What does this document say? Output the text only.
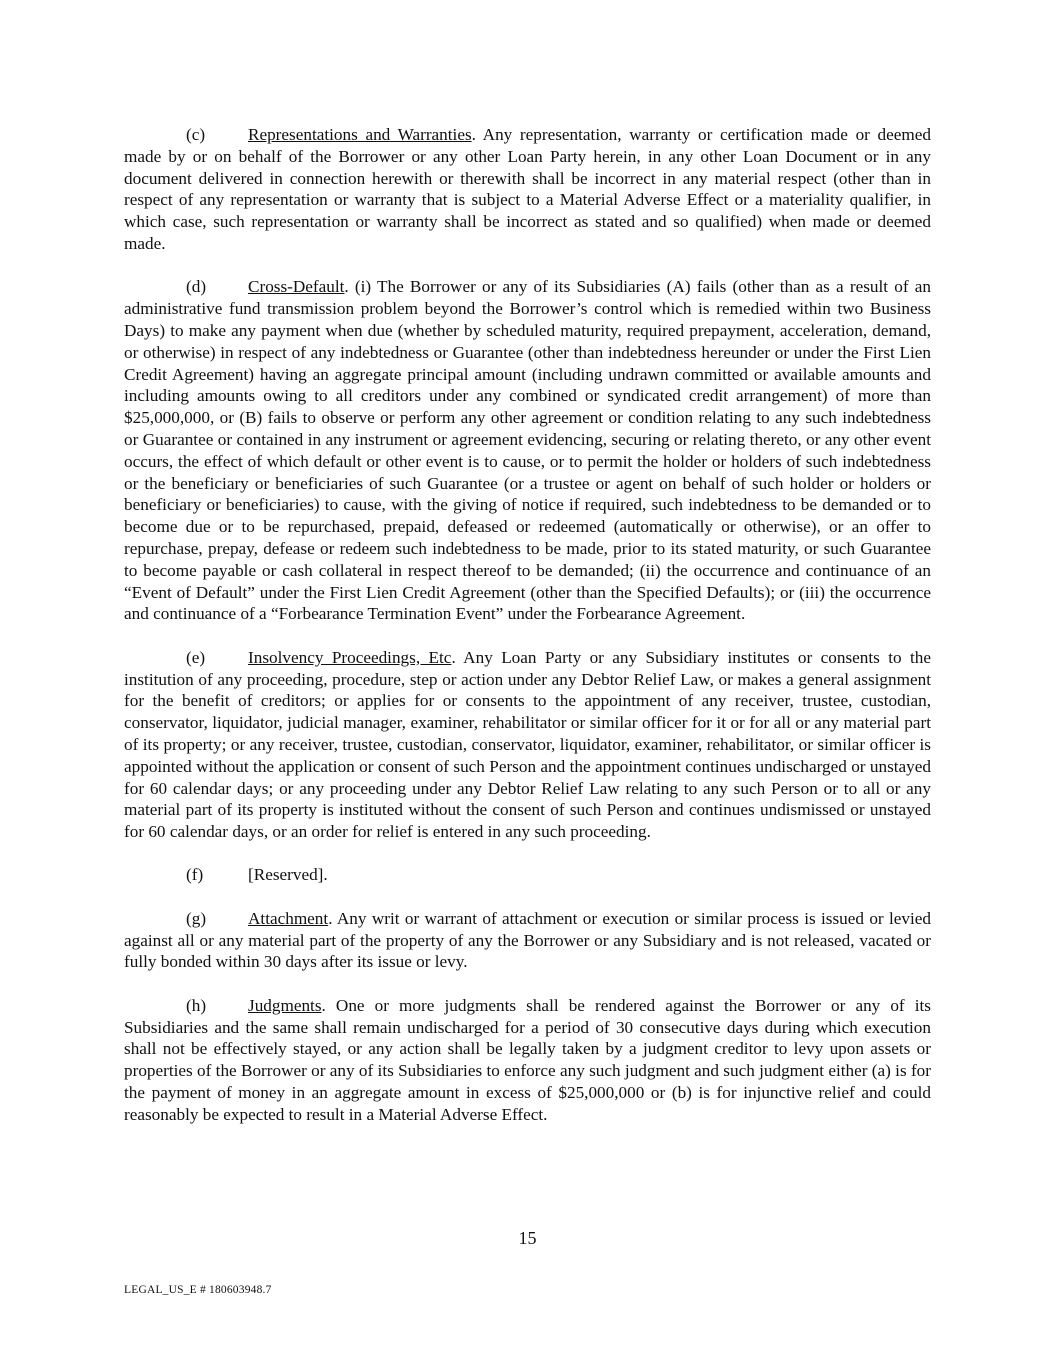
(c) Representations and Warranties. Any representation, warranty or certification made or deemed made by or on behalf of the Borrower or any other Loan Party herein, in any other Loan Document or in any document delivered in connection herewith or therewith shall be incorrect in any material respect (other than in respect of any representation or warranty that is subject to a Material Adverse Effect or a materiality qualifier, in which case, such representation or warranty shall be incorrect as stated and so qualified) when made or deemed made.

(d) Cross-Default. (i) The Borrower or any of its Subsidiaries (A) fails (other than as a result of an administrative fund transmission problem beyond the Borrower’s control which is remedied within two Business Days) to make any payment when due (whether by scheduled maturity, required prepayment, acceleration, demand, or otherwise) in respect of any indebtedness or Guarantee (other than indebtedness hereunder or under the First Lien Credit Agreement) having an aggregate principal amount (including undrawn committed or available amounts and including amounts owing to all creditors under any combined or syndicated credit arrangement) of more than $25,000,000, or (B) fails to observe or perform any other agreement or condition relating to any such indebtedness or Guarantee or contained in any instrument or agreement evidencing, securing or relating thereto, or any other event occurs, the effect of which default or other event is to cause, or to permit the holder or holders of such indebtedness or the beneficiary or beneficiaries of such Guarantee (or a trustee or agent on behalf of such holder or holders or beneficiary or beneficiaries) to cause, with the giving of notice if required, such indebtedness to be demanded or to become due or to be repurchased, prepaid, defeased or redeemed (automatically or otherwise), or an offer to repurchase, prepay, defease or redeem such indebtedness to be made, prior to its stated maturity, or such Guarantee to become payable or cash collateral in respect thereof to be demanded; (ii) the occurrence and continuance of an “Event of Default” under the First Lien Credit Agreement (other than the Specified Defaults); or (iii) the occurrence and continuance of a “Forbearance Termination Event” under the Forbearance Agreement.

(e) Insolvency Proceedings, Etc. Any Loan Party or any Subsidiary institutes or consents to the institution of any proceeding, procedure, step or action under any Debtor Relief Law, or makes a general assignment for the benefit of creditors; or applies for or consents to the appointment of any receiver, trustee, custodian, conservator, liquidator, judicial manager, examiner, rehabilitator or similar officer for it or for all or any material part of its property; or any receiver, trustee, custodian, conservator, liquidator, examiner, rehabilitator, or similar officer is appointed without the application or consent of such Person and the appointment continues undischarged or unstayed for 60 calendar days; or any proceeding under any Debtor Relief Law relating to any such Person or to all or any material part of its property is instituted without the consent of such Person and continues undismissed or unstayed for 60 calendar days, or an order for relief is entered in any such proceeding.

(f)	[Reserved].

(g) Attachment. Any writ or warrant of attachment or execution or similar process is issued or levied against all or any material part of the property of any the Borrower or any Subsidiary and is not released, vacated or fully bonded within 30 days after its issue or levy.

(h) Judgments. One or more judgments shall be rendered against the Borrower or any of its Subsidiaries and the same shall remain undischarged for a period of 30 consecutive days during which execution shall not be effectively stayed, or any action shall be legally taken by a judgment creditor to levy upon assets or properties of the Borrower or any of its Subsidiaries to enforce any such judgment and such judgment either (a) is for the payment of money in an aggregate amount in excess of $25,000,000 or (b) is for injunctive relief and could reasonably be expected to result in a Material Adverse Effect.

15
LEGAL_US_E # 180603948.7
